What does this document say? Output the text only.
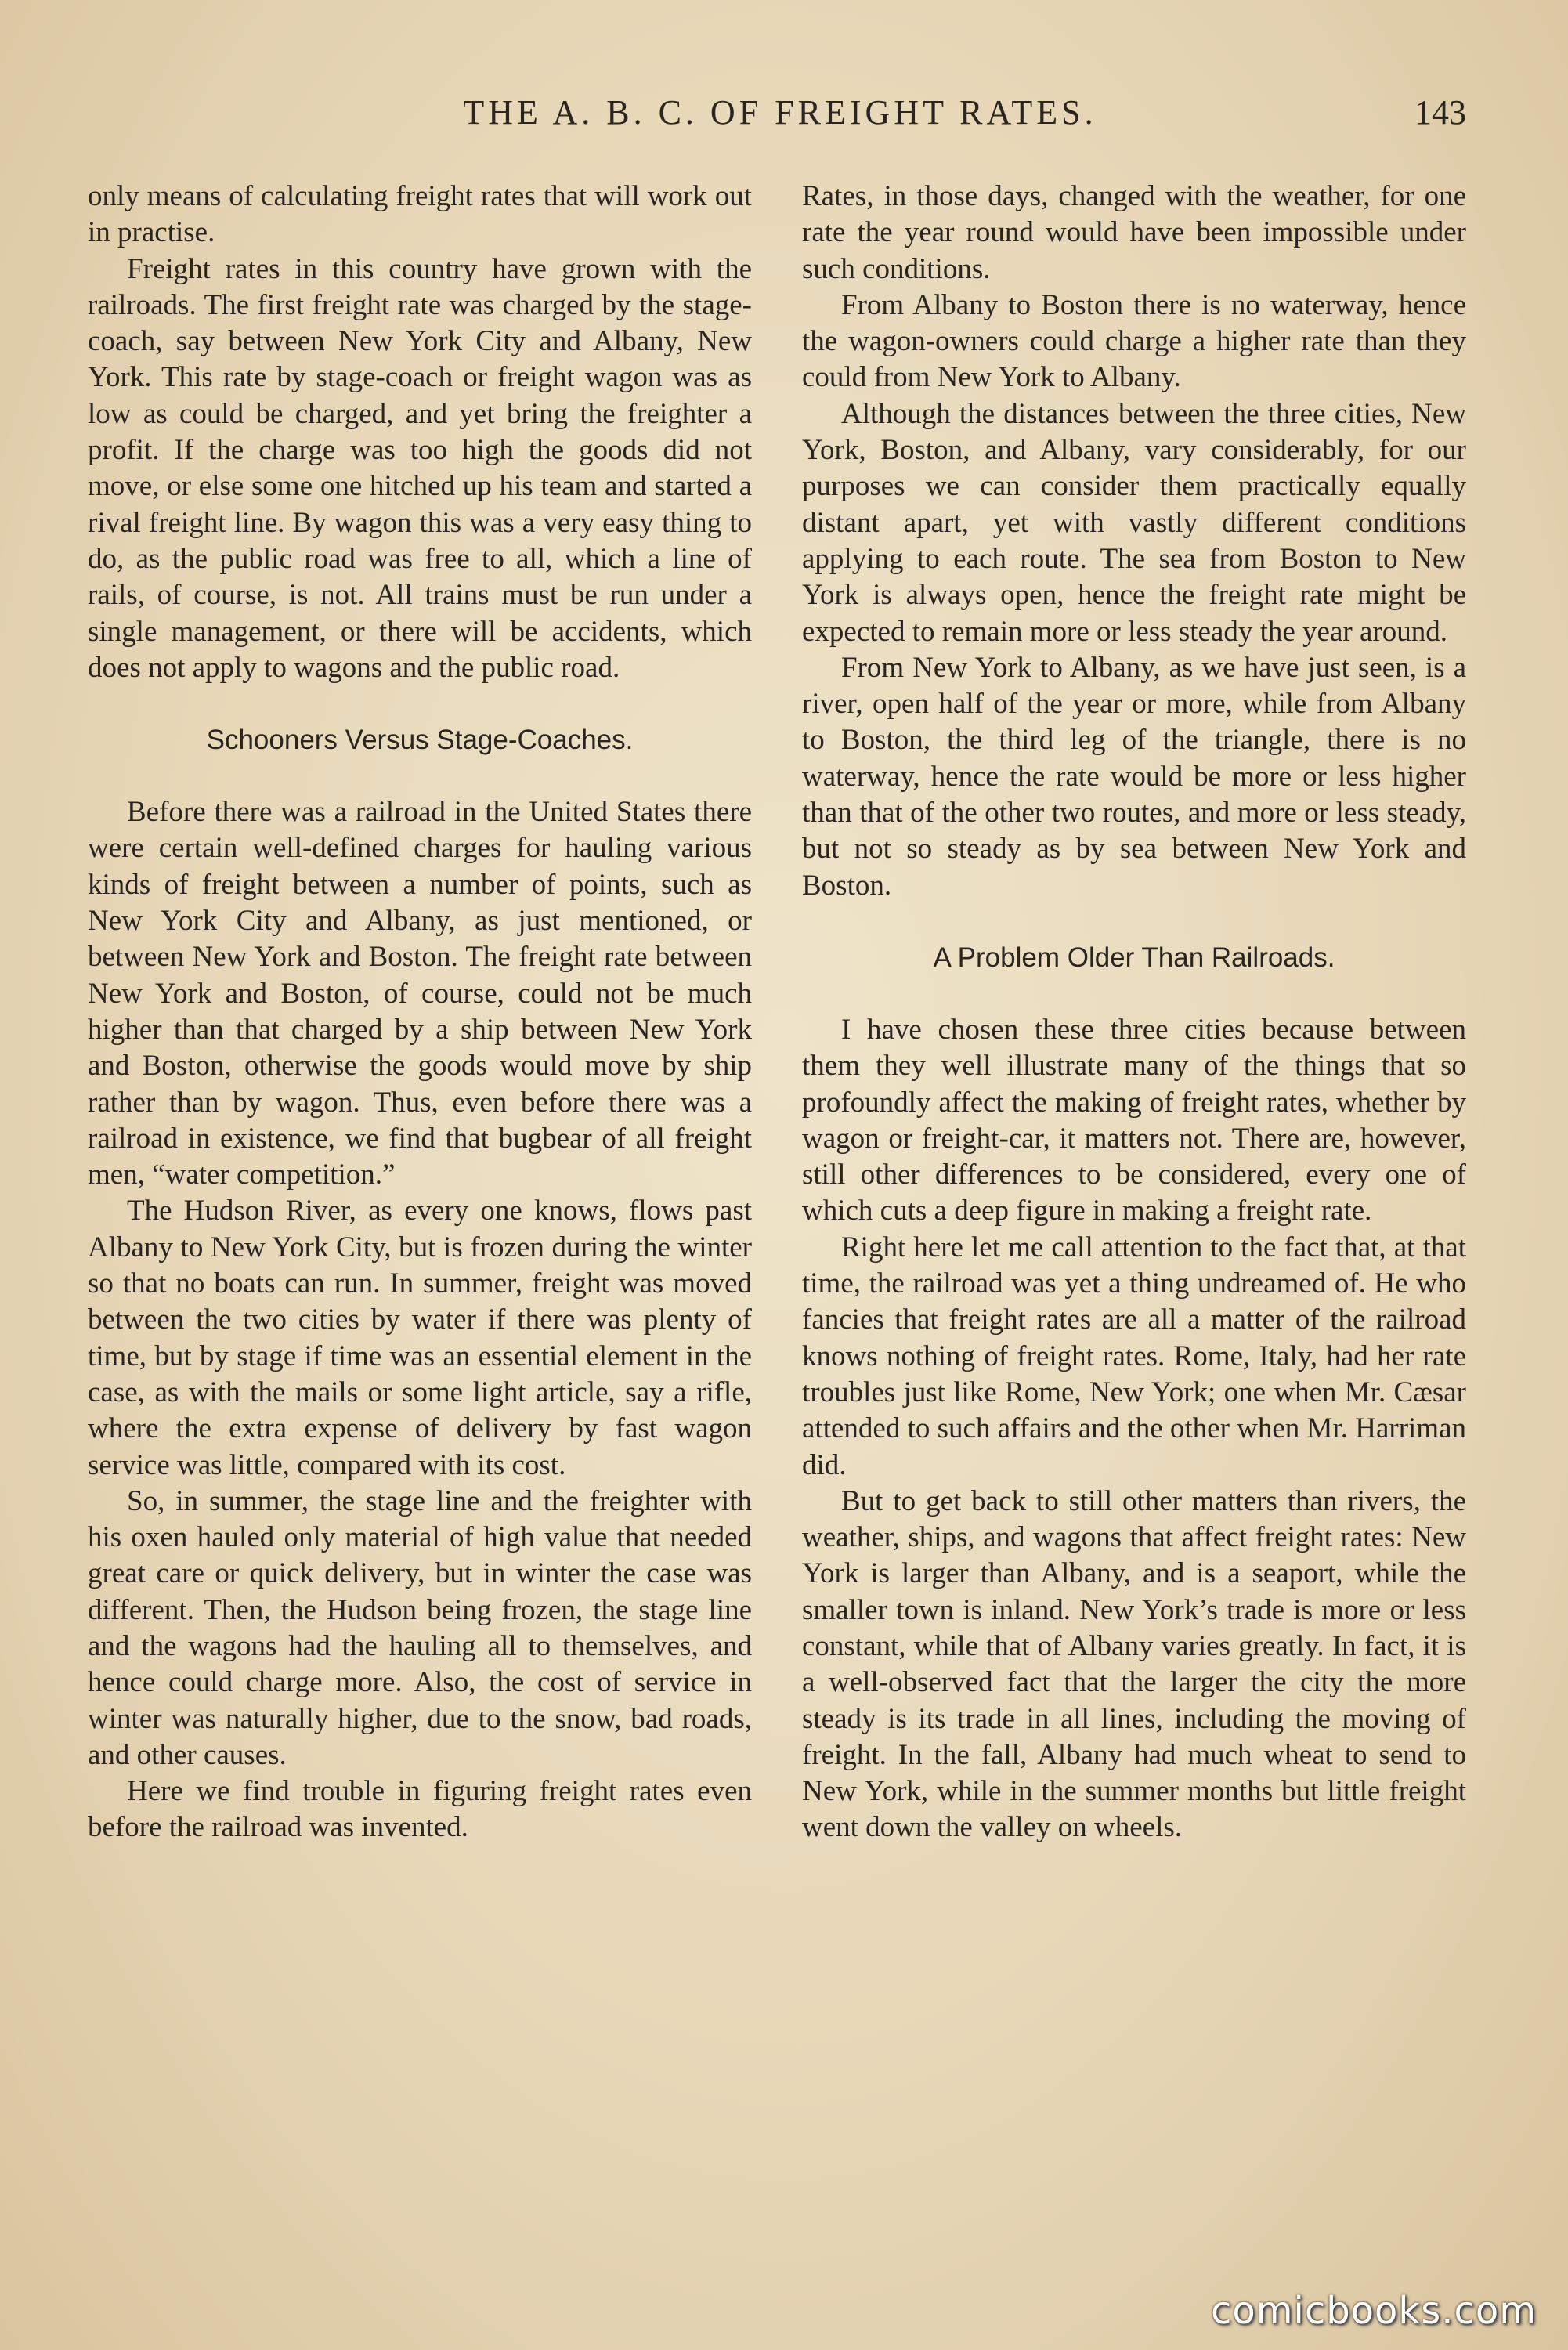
THE A. B. C. OF FREIGHT RATES.	143

only means of calculating freight rates that will work out in practise.

Freight rates in this country have grown with the railroads. The first freight rate was charged by the stage-coach, say between New York City and Albany, New York. This rate by stage-coach or freight wagon was as low as could be charged, and yet bring the freighter a profit. If the charge was too high the goods did not move, or else some one hitched up his team and started a rival freight line. By wagon this was a very easy thing to do, as the public road was free to all, which a line of rails, of course, is not. All trains must be run under a single management, or there will be accidents, which does not apply to wagons and the public road.

Schooners Versus Stage-Coaches.

Before there was a railroad in the United States there were certain well-defined charges for hauling various kinds of freight between a number of points, such as New York City and Albany, as just mentioned, or between New York and Boston. The freight rate between New York and Boston, of course, could not be much higher than that charged by a ship between New York and Boston, otherwise the goods would move by ship rather than by wagon. Thus, even before there was a railroad in existence, we find that bugbear of all freight men, “water competition.”

The Hudson River, as every one knows, flows past Albany to New York City, but is frozen during the winter so that no boats can run. In summer, freight was moved between the two cities by water if there was plenty of time, but by stage if time was an essential element in the case, as with the mails or some light article, say a rifle, where the extra expense of delivery by fast wagon service was little, compared with its cost.

So, in summer, the stage line and the freighter with his oxen hauled only material of high value that needed great care or quick delivery, but in winter the case was different. Then, the Hudson being frozen, the stage line and the wagons had the hauling all to themselves, and hence could charge more. Also, the cost of service in winter was naturally higher, due to the snow, bad roads, and other causes.

Here we find trouble in figuring freight rates even before the railroad was invented.

Rates, in those days, changed with the weather, for one rate the year round would have been impossible under such conditions.

From Albany to Boston there is no waterway, hence the wagon-owners could charge a higher rate than they could from New York to Albany.

Although the distances between the three cities, New York, Boston, and Albany, vary considerably, for our purposes we can consider them practically equally distant apart, yet with vastly different conditions applying to each route. The sea from Boston to New York is always open, hence the freight rate might be expected to remain more or less steady the year around.

From New York to Albany, as we have just seen, is a river, open half of the year or more, while from Albany to Boston, the third leg of the triangle, there is no waterway, hence the rate would be more or less higher than that of the other two routes, and more or less steady, but not so steady as by sea between New York and Boston.

A Problem Older Than Railroads.

I have chosen these three cities because between them they well illustrate many of the things that so profoundly affect the making of freight rates, whether by wagon or freight-car, it matters not. There are, however, still other differences to be considered, every one of which cuts a deep figure in making a freight rate.

Right here let me call attention to the fact that, at that time, the railroad was yet a thing undreamed of. He who fancies that freight rates are all a matter of the railroad knows nothing of freight rates. Rome, Italy, had her rate troubles just like Rome, New York; one when Mr. Cæsar attended to such affairs and the other when Mr. Harriman did.

But to get back to still other matters than rivers, the weather, ships, and wagons that affect freight rates: New York is larger than Albany, and is a seaport, while the smaller town is inland. New York’s trade is more or less constant, while that of Albany varies greatly. In fact, it is a well-observed fact that the larger the city the more steady is its trade in all lines, including the moving of freight. In the fall, Albany had much wheat to send to New York, while in the summer months but little freight went down the valley on wheels.

comicbooks.com
